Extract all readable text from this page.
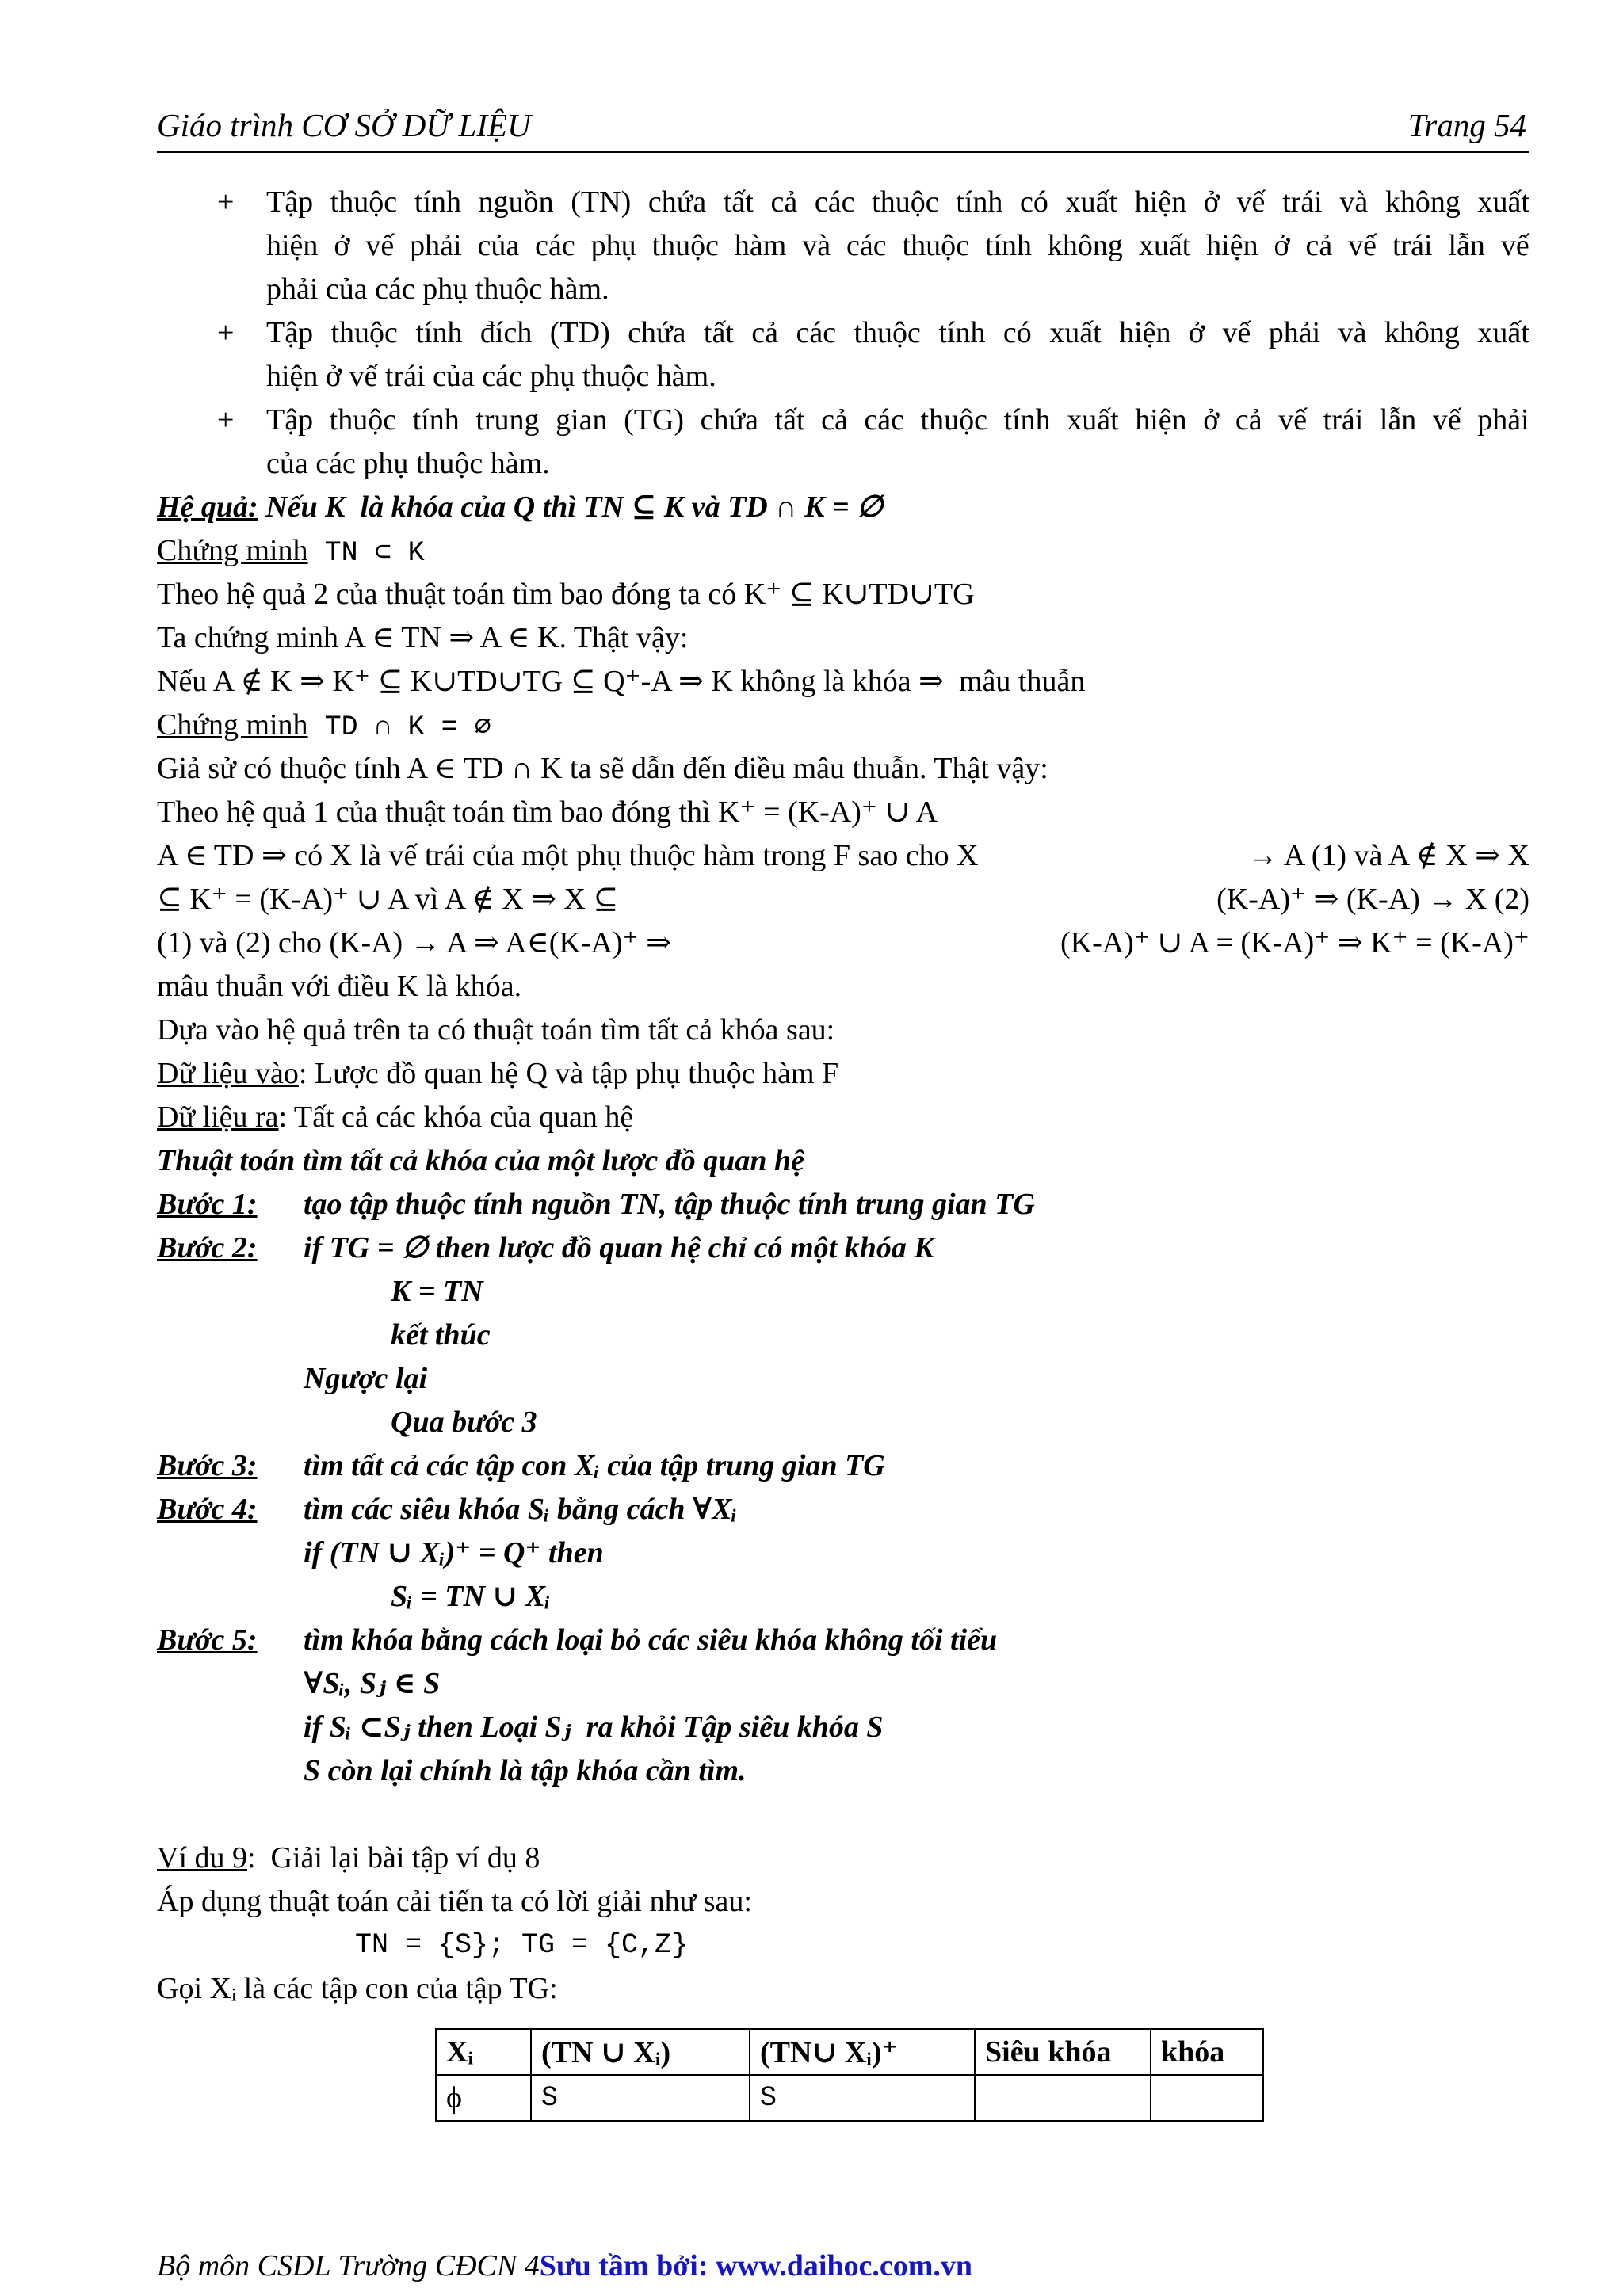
Giáo trình CƠ SỞ DỮ LIỆU	Trang 54
+	Tập thuộc tính nguồn (TN) chứa tất cả các thuộc tính có xuất hiện ở vế trái và không xuất
hiện ở vế phải của các phụ thuộc hàm và các thuộc tính không xuất hiện ở cả vế trái lẫn vế
phải của các phụ thuộc hàm.
+	Tập thuộc tính đích (TD) chứa tất cả các thuộc tính có xuất hiện ở vế phải và không xuất
hiện ở vế trái của các phụ thuộc hàm.
+	Tập thuộc tính trung gian (TG) chứa tất cả các thuộc tính xuất hiện ở cả vế trái lẫn vế phải
của các phụ thuộc hàm.
Hệ quả: Nếu K  là khóa của Q thì TN ⊆ K và TD ∩ K = ∅
Chứng minh TN ⊂ K
Theo hệ quả 2 của thuật toán tìm bao đóng ta có K⁺ ⊆ K∪TD∪TG
Ta chứng minh A ∈ TN ⇒ A ∈ K. Thật vậy:
Nếu A ∉ K ⇒ K⁺ ⊆ K∪TD∪TG ⊆ Q⁺-A ⇒ K không là khóa ⇒  mâu thuẫn
Chứng minh TD ∩ K = ∅
Giả sử có thuộc tính A ∈ TD ∩ K ta sẽ dẫn đến điều mâu thuẫn. Thật vậy:
Theo hệ quả 1 của thuật toán tìm bao đóng thì K⁺ = (K-A)⁺ ∪ A
A ∈ TD ⇒ có X là vế trái của một phụ thuộc hàm trong F sao cho X	→ A (1) và A ∉ X ⇒ X
⊆ K⁺ = (K-A)⁺ ∪ A vì A ∉ X ⇒ X ⊆	(K-A)⁺ ⇒ (K-A) → X (2)
(1) và (2) cho (K-A) → A ⇒ A∈(K-A)⁺ ⇒	(K-A)⁺ ∪ A = (K-A)⁺ ⇒ K⁺ = (K-A)⁺
mâu thuẫn với điều K là khóa.
Dựa vào hệ quả trên ta có thuật toán tìm tất cả khóa sau:
Dữ liệu vào: Lược đồ quan hệ Q và tập phụ thuộc hàm F
Dữ liệu ra: Tất cả các khóa của quan hệ
Thuật toán tìm tất cả khóa của một lược đồ quan hệ
Bước 1: tạo tập thuộc tính nguồn TN, tập thuộc tính trung gian TG
Bước 2: if TG = ∅ then lược đồ quan hệ chỉ có một khóa K
K = TN
kết thúc
Ngược lại
Qua bước 3
Bước 3: tìm tất cả các tập con Xᵢ của tập trung gian TG
Bước 4: tìm các siêu khóa Sᵢ bằng cách ∀Xᵢ
if (TN ∪ Xᵢ)⁺ = Q⁺ then
Sᵢ = TN ∪ Xᵢ
Bước 5: tìm khóa bằng cách loại bỏ các siêu khóa không tối tiểu
∀Sᵢ, Sⱼ ∈ S
if Sᵢ ⊂Sⱼ then Loại Sⱼ  ra khỏi Tập siêu khóa S
S còn lại chính là tập khóa cần tìm.
Ví du 9:  Giải lại bài tập ví dụ 8
Áp dụng thuật toán cải tiến ta có lời giải như sau:
TN = {S}; TG = {C,Z}
Gọi Xᵢ là các tập con của tập TG:
Xᵢ	(TN ∪ Xᵢ)	(TN∪ Xᵢ)⁺	Siêu khóa	khóa
ϕ	S	S		
Bộ môn CSDL Trường CĐCN 4Sưu tầm bởi: www.daihoc.com.vn
